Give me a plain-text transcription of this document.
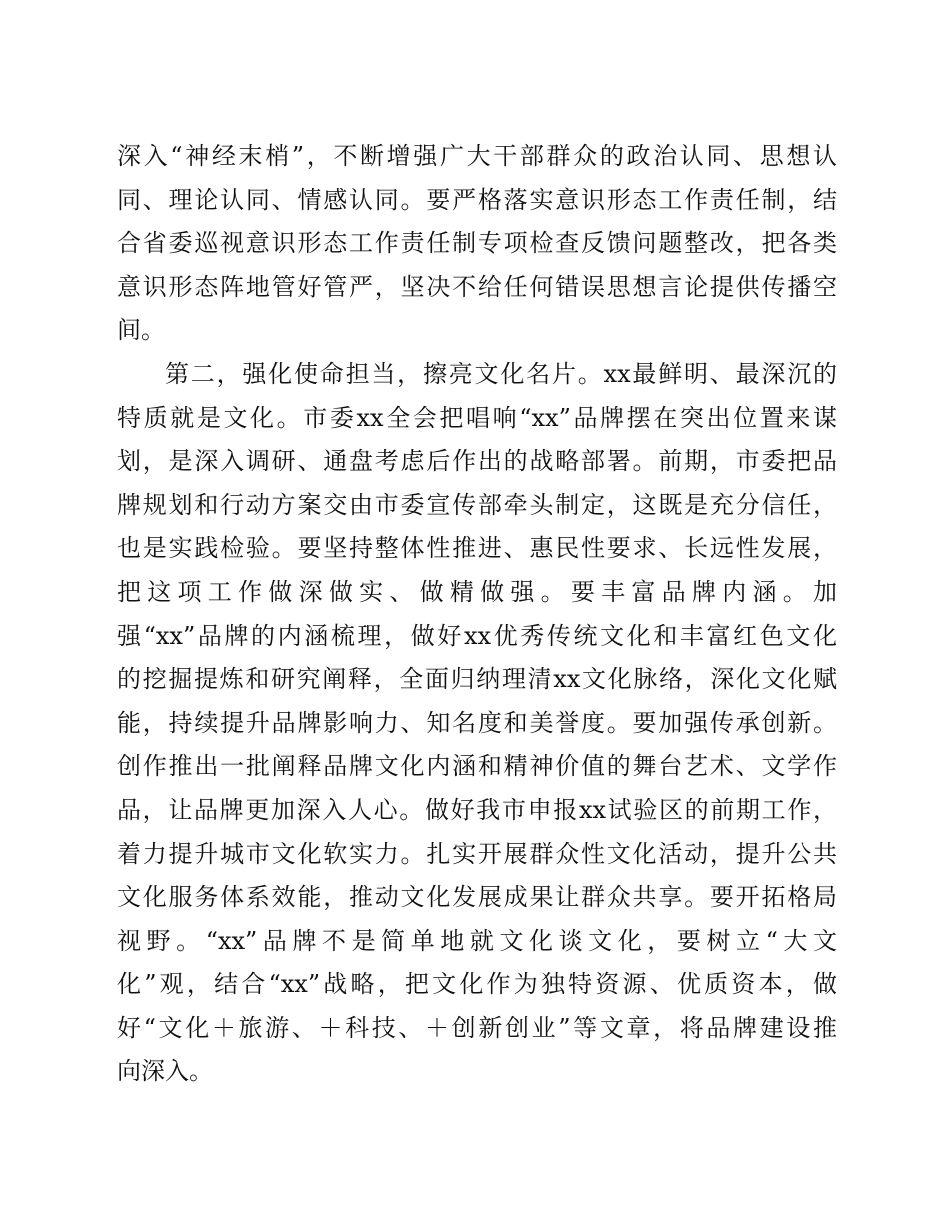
深入“神经末梢”，不断增强广大干部群众的政治认同、思想认
同、理论认同、情感认同。要严格落实意识形态工作责任制，结
合省委巡视意识形态工作责任制专项检查反馈问题整改，把各类
意识形态阵地管好管严，坚决不给任何错误思想言论提供传播空
间。
第二，强化使命担当，擦亮文化名片。xx最鲜明、最深沉的
特质就是文化。市委xx全会把唱响“xx”品牌摆在突出位置来谋
划，是深入调研、通盘考虑后作出的战略部署。前期，市委把品
牌规划和行动方案交由市委宣传部牵头制定，这既是充分信任，
也是实践检验。要坚持整体性推进、惠民性要求、长远性发展，
把这项工作做深做实、做精做强。要丰富品牌内涵。加
强“xx”品牌的内涵梳理，做好xx优秀传统文化和丰富红色文化
的挖掘提炼和研究阐释，全面归纳理清xx文化脉络，深化文化赋
能，持续提升品牌影响力、知名度和美誉度。要加强传承创新。
创作推出一批阐释品牌文化内涵和精神价值的舞台艺术、文学作
品，让品牌更加深入人心。做好我市申报xx试验区的前期工作，
着力提升城市文化软实力。扎实开展群众性文化活动，提升公共
文化服务体系效能，推动文化发展成果让群众共享。要开拓格局
视野。“xx”品牌不是简单地就文化谈文化，要树立“大文
化”观，结合“xx”战略，把文化作为独特资源、优质资本，做
好“文化＋旅游、＋科技、＋创新创业”等文章，将品牌建设推
向深入。
